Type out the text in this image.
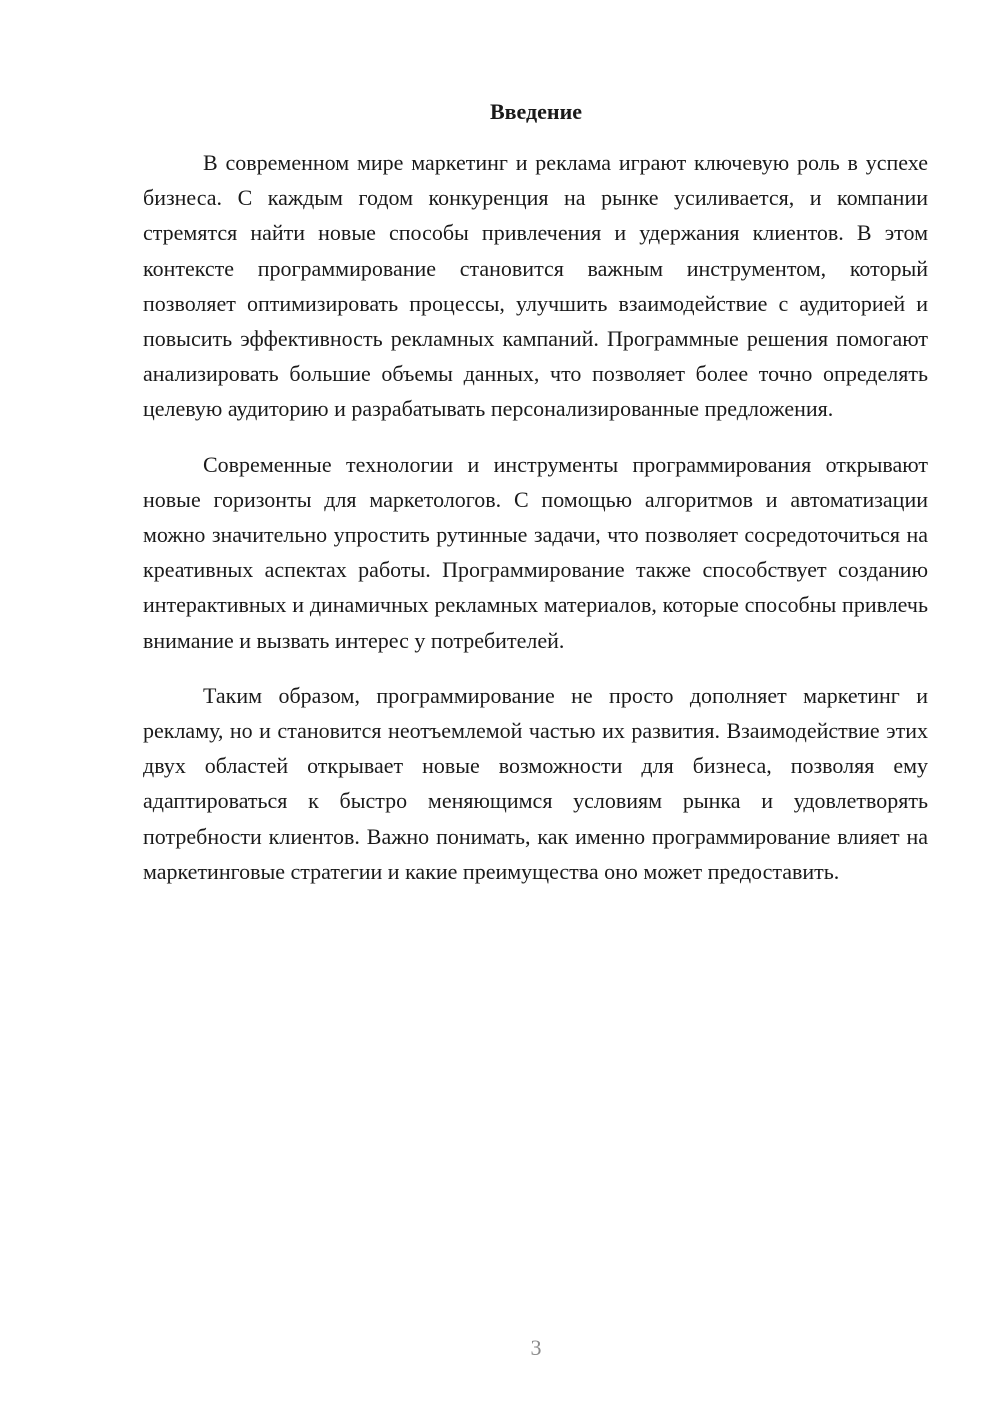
Введение

В современном мире маркетинг и реклама играют ключевую роль в успехе бизнеса. С каждым годом конкуренция на рынке усиливается, и компании стремятся найти новые способы привлечения и удержания клиентов. В этом контексте программирование становится важным инструментом, который позволяет оптимизировать процессы, улучшить взаимодействие с аудиторией и повысить эффективность рекламных кампаний. Программные решения помогают анализировать большие объемы данных, что позволяет более точно определять целевую аудиторию и разрабатывать персонализированные предложения.

Современные технологии и инструменты программирования открывают новые горизонты для маркетологов. С помощью алгоритмов и автоматизации можно значительно упростить рутинные задачи, что позволяет сосредоточиться на креативных аспектах работы. Программирование также способствует созданию интерактивных и динамичных рекламных материалов, которые способны привлечь внимание и вызвать интерес у потребителей.

Таким образом, программирование не просто дополняет маркетинг и рекламу, но и становится неотъемлемой частью их развития. Взаимодействие этих двух областей открывает новые возможности для бизнеса, позволяя ему адаптироваться к быстро меняющимся условиям рынка и удовлетворять потребности клиентов. Важно понимать, как именно программирование влияет на маркетинговые стратегии и какие преимущества оно может предоставить.

3
